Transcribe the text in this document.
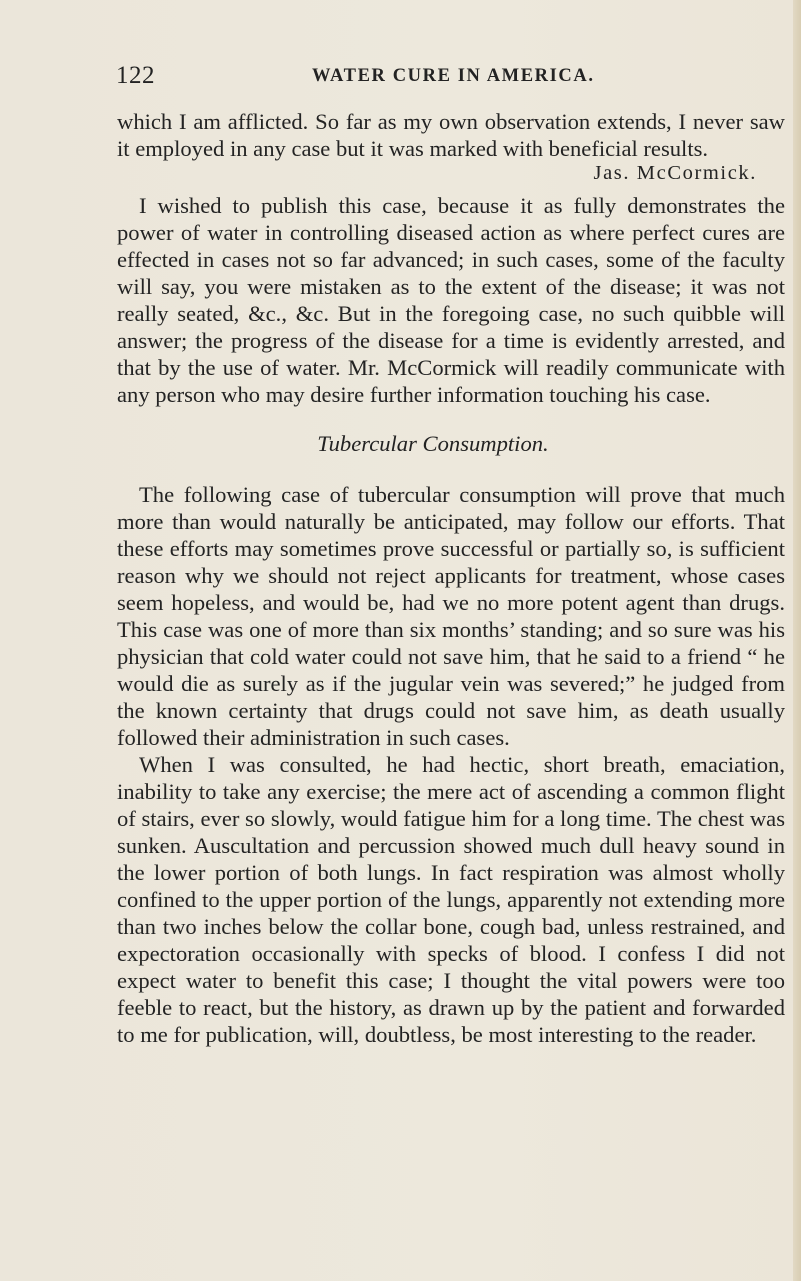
122	WATER CURE IN AMERICA.

which I am afflicted. So far as my own observation extends, I never saw it employed in any case but it was marked with beneficial results.

Jas. McCormick.

I wished to publish this case, because it as fully demonstrates the power of water in controlling diseased action as where perfect cures are effected in cases not so far advanced; in such cases, some of the faculty will say, you were mistaken as to the extent of the disease; it was not really seated, &c., &c. But in the foregoing case, no such quibble will answer; the progress of the disease for a time is evidently arrested, and that by the use of water. Mr. McCormick will readily communicate with any person who may desire further information touching his case.

Tubercular Consumption.

The following case of tubercular consumption will prove that much more than would naturally be anticipated, may follow our efforts. That these efforts may sometimes prove successful or partially so, is sufficient reason why we should not reject applicants for treatment, whose cases seem hopeless, and would be, had we no more potent agent than drugs. This case was one of more than six months’ standing; and so sure was his physician that cold water could not save him, that he said to a friend “ he would die as surely as if the jugular vein was severed;” he judged from the known certainty that drugs could not save him, as death usually followed their administration in such cases.

When I was consulted, he had hectic, short breath, emaciation, inability to take any exercise; the mere act of ascending a common flight of stairs, ever so slowly, would fatigue him for a long time. The chest was sunken. Auscultation and percussion showed much dull heavy sound in the lower portion of both lungs. In fact respiration was almost wholly confined to the upper portion of the lungs, apparently not extending more than two inches below the collar bone, cough bad, unless restrained, and expectoration occasionally with specks of blood. I confess I did not expect water to benefit this case; I thought the vital powers were too feeble to react, but the history, as drawn up by the patient and forwarded to me for publication, will, doubtless, be most interesting to the reader.
